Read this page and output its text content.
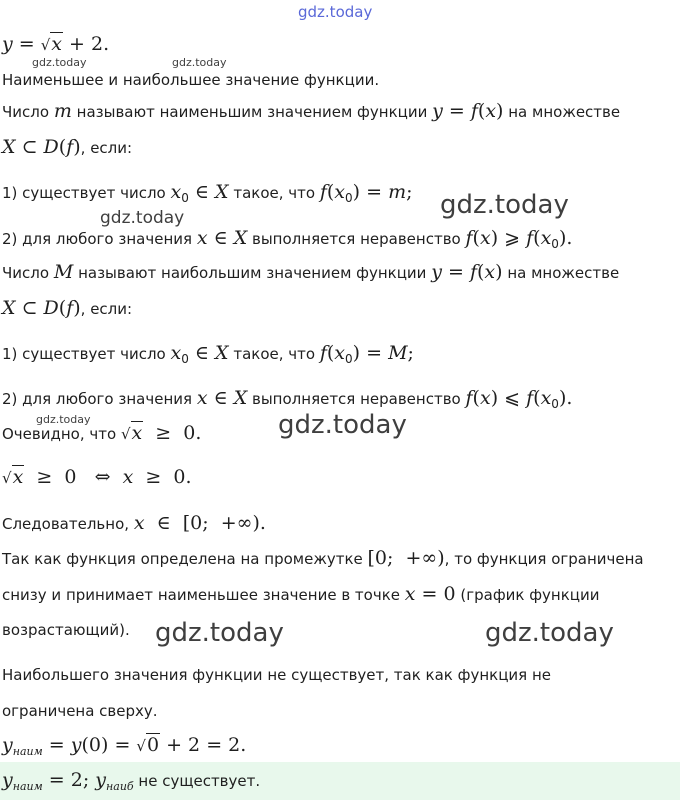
gdz.today
gdz.today	gdz.today
gdz.today
gdz.today
gdz.today	gdz.today
gdz.today	gdz.today
y = √x + 2.
Наименьшее и наибольшее значение функции.
Число m называют наименьшим значением функции y = f(x) на множестве
X ⊂ D(f), если:
1) существует число $x_0$ ∈ X такое, что $f(x_0) = m$;
2) для любого значения x ∈ X выполняется неравенство f(x) ⩾ $f(x_0)$.
Число M называют наибольшим значением функции y = f(x) на множестве
X ⊂ D(f), если:
1) существует число $x_0$ ∈ X такое, что $f(x_0) = M$;
2) для любого значения x ∈ X выполняется неравенство f(x) ⩽ $f(x_0)$.
Очевидно, что √x  ≥  0.
√x  ≥  0   ⇔  x  ≥  0.
Следовательно, x  ∈  [0;  +∞).
Так как функция определена на промежутке [0;  +∞), то функция ограничена
снизу и принимает наименьшее значение в точке x = 0 (график функции
возрастающий).
Наибольшего значения функции не существует, так как функция не
ограничена сверху.
$y_{наим} = y(0) = √0 + 2 = 2$.
$y_{наим} = 2$; $y_{наиб}$ не существует.
